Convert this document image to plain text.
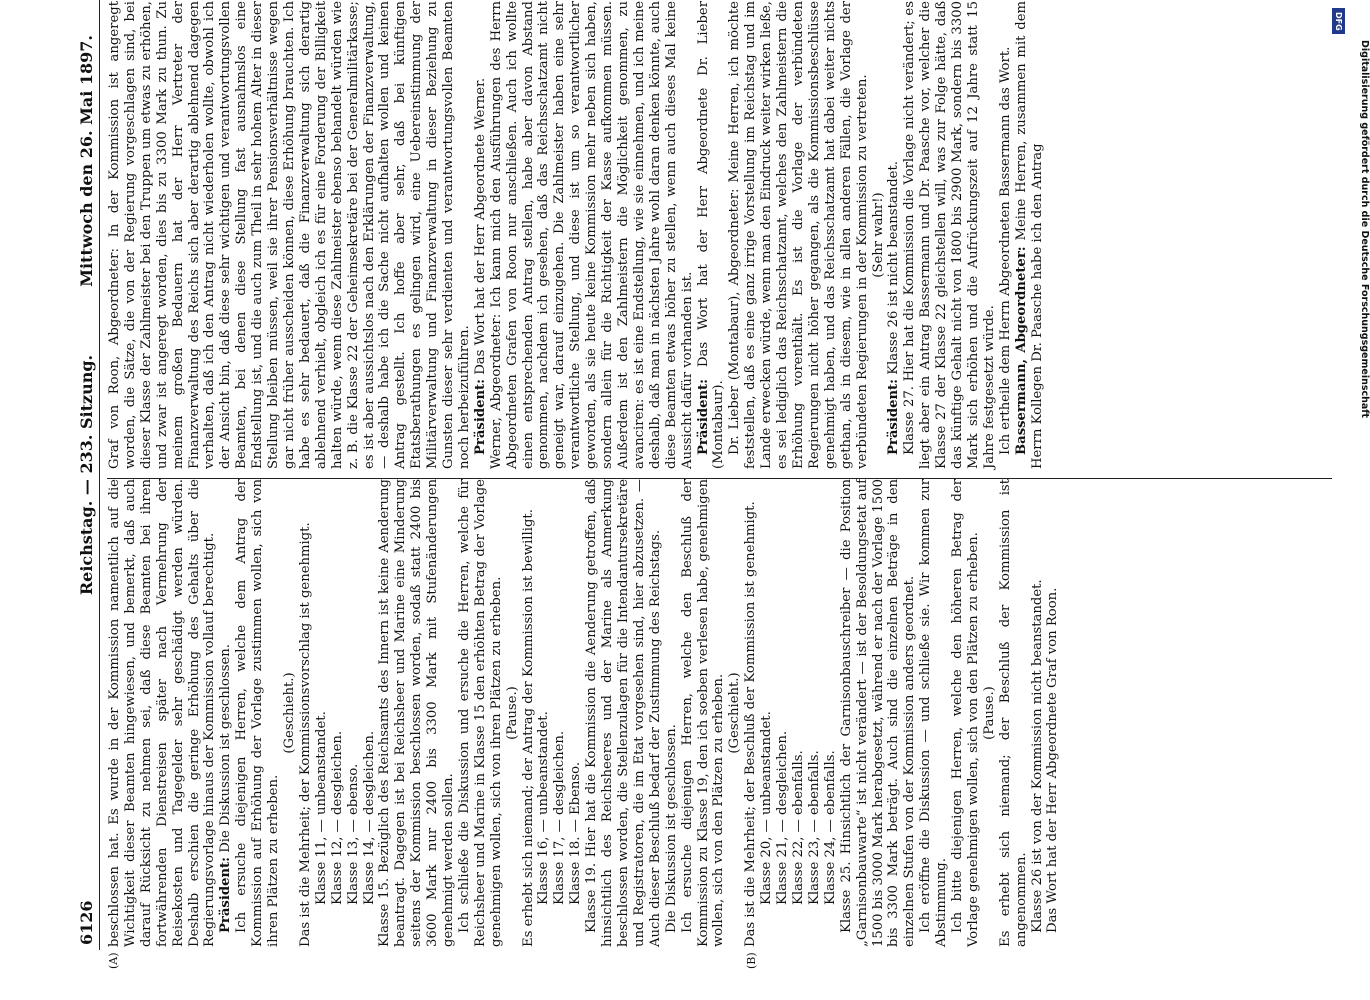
6126
Reichstag. — 233. Sitzung.
Mittwoch den 26. Mai 1897.
(A)	(B)

beschlossen hat. Es wurde in der Kommission namentlich auf die Wichtigkeit dieser Beamten hingewiesen, und bemerkt, daß auch darauf Rücksicht zu nehmen sei, daß diese Beamten bei ihren fortwährenden Dienstreisen später nach Vermehrung der Reisekosten und Tagegelder sehr geschädigt werden würden. Deshalb erschien die geringe Erhöhung des Gehalts über die Regierungsvorlage hinaus der Kommission vollauf berechtigt. Präsident: Die Diskussion ist geschlossen. Ich ersuche diejenigen Herren, welche dem Antrag der Kommission auf Erhöhung der Vorlage zustimmen wollen, sich von ihren Plätzen zu erheben.

(Geschieht.) Das ist die Mehrheit; der Kommissionsvorschlag ist genehmigt. Klasse 11, — unbeanstandet. Klasse 12, — desgleichen. Klasse 13, — ebenso. Klasse 14, — desgleichen. Klasse 15. Bezüglich des Reichsamts des Innern ist keine Aenderung beantragt. Dagegen ist bei Reichsheer und Marine eine Minderung seitens der Kommission beschlossen worden, sodaß statt 2400 bis 3600 Mark nur 2400 bis 3300 Mark mit Stufenänderungen genehmigt werden sollen. Ich schließe die Diskussion und ersuche die Herren, welche für Reichsheer und Marine in Klasse 15 den erhöhten Betrag der Vorlage genehmigen wollen, sich von ihren Plätzen zu erheben. (Pause.) Es erhebt sich niemand; der Antrag der Kommission ist bewilligt. Klasse 16, — unbeanstandet. Klasse 17, — desgleichen. Klasse 18. — Ebenso. Klasse 19. Hier hat die Kommission die Aenderung getroffen, daß hinsichtlich des Reichsheeres und der Marine als Anmerkung beschlossen worden, die Stellenzulagen für die Intendantursekretäre und Registratoren, die im Etat vorgesehen sind, hier abzusetzen. — Auch dieser Beschluß bedarf der Zustimmung des Reichstags. Die Diskussion ist geschlossen. Ich ersuche diejenigen Herren, welche den Beschluß der Kommission zu Klasse 19, den ich soeben verlesen habe, genehmigen wollen, sich von den Plätzen zu erheben. (Geschieht.) Das ist die Mehrheit; der Beschluß der Kommission ist genehmigt. Klasse 20, — unbeanstandet. Klasse 21, — desgleichen. Klasse 22, — ebenfalls. Klasse 23, — ebenfalls. Klasse 24, — ebenfalls. Klasse 25. Hinsichtlich der Garnisonbauschreiber — die Position „Garnisonbauwarte“ ist nicht verändert — ist der Besoldungsetat auf 1500 bis 3000 Mark herabgesetzt, während er nach der Vorlage 1500 bis 3300 Mark beträgt. Auch sind die einzelnen Beträge in den einzelnen Stufen von der Kommission anders geordnet. Ich eröffne die Diskussion — und schließe sie. Wir kommen zur Abstimmung. Ich bitte diejenigen Herren, welche den höheren Betrag der Vorlage genehmigen wollen, sich von den Plätzen zu erheben. (Pause.) Es erhebt sich niemand; der Beschluß der Kommission ist angenommen. Klasse 26 ist von der Kommission nicht beanstandet. Das Wort hat der Herr Abgeordnete Graf von Roon.

Graf von Roon, Abgeordneter: In der Kommission ist angeregt worden, die Sätze, die von der Regierung vorgeschlagen sind, bei dieser Klasse der Zahlmeister bei den Truppen um etwas zu erhöhen, und zwar ist angeregt worden, dies bis zu 3300 Mark zu thun. Zu meinem großen Bedauern hat der Herr Vertreter der Finanzverwaltung des Reichs sich aber derartig ablehnend dagegen verhalten, daß ich den Antrag nicht wiederholen wollte, obwohl ich der Ansicht bin, daß diese sehr wichtigen und verantwortungsvollen Beamten, bei denen diese Stellung fast ausnahmslos eine Endstellung ist, und die auch zum Theil in sehr hohem Alter in dieser Stellung bleiben müssen, weil sie ihrer Pensionsverhältnisse wegen gar nicht früher ausscheiden können, diese Erhöhung brauchten. Ich habe es sehr bedauert, daß die Finanzverwaltung sich derartig ablehnend verhielt, obgleich ich es für eine Forderung der Billigkeit halten würde, wenn diese Zahlmeister ebenso behandelt würden wie z. B. die Klasse 22 der Geheimsekretäre bei der Generalmilitärkasse; es ist aber aussichtslos nach den Erklärungen der Finanzverwaltung, — deshalb habe ich die Sache nicht aufhalten wollen und keinen Antrag gestellt. Ich hoffe aber sehr, daß bei künftigen Etatsberathungen es gelingen wird, eine Uebereinstimmung der Militärverwaltung und Finanzverwaltung in dieser Beziehung zu Gunsten dieser sehr verdienten und verantwortungsvollen Beamten noch herbeizuführen. Präsident: Das Wort hat der Herr Abgeordnete Werner. Werner, Abgeordneter: Ich kann mich den Ausführungen des Herrn Abgeordneten Grafen von Roon nur anschließen. Auch ich wollte einen entsprechenden Antrag stellen, habe aber davon Abstand genommen, nachdem ich gesehen, daß das Reichsschatzamt nicht geneigt war, darauf einzugehen. Die Zahlmeister haben eine sehr verantwortliche Stellung, und diese ist um so verantwortlicher geworden, als sie heute keine Kommission mehr neben sich haben, sondern allein für die Richtigkeit der Kasse aufkommen müssen. Außerdem ist den Zahlmeistern die Möglichkeit genommen, zu avanciren: es ist eine Endstellung, wie sie einnehmen, und ich meine deshalb, daß man in nächsten Jahre wohl daran denken könnte, auch diese Beamten etwas höher zu stellen, wenn auch dieses Mal keine Aussicht dafür vorhanden ist. Präsident: Das Wort hat der Herr Abgeordnete Dr. Lieber (Montabaur). Dr. Lieber (Montabaur), Abgeordneter: Meine Herren, ich möchte feststellen, daß es eine ganz irrige Vorstellung im Reichstag und im Lande erwecken würde, wenn man den Eindruck weiter wirken ließe, es sei lediglich das Reichsschatzamt, welches den Zahlmeistern die Erhöhung vorenthält. Es ist die Vorlage der verbündeten Regierungen nicht höher gegangen, als die Kommissionsbeschlüsse genehmigt haben, und das Reichsschatzamt hat dabei weiter nichts gethan, als in diesem, wie in allen anderen Fällen, die Vorlage der verbündeten Regierungen in der Kommission zu vertreten. (Sehr wahr!)

Präsident: Klasse 26 ist nicht beanstandet. Klasse 27. Hier hat die Kommission die Vorlage nicht verändert; es liegt aber ein Antrag Bassermann und Dr. Paasche vor, welcher die Klasse 27 der Klasse 22 gleichstellen will, was zur Folge hätte, daß das künftige Gehalt nicht von 1800 bis 2900 Mark, sondern bis 3300 Mark sich erhöhen und die Aufrückungszeit auf 12 Jahre statt 15 Jahre festgesetzt würde. Ich ertheile dem Herrn Abgeordneten Bassermann das Wort. Bassermann, Abgeordneter: Meine Herren, zusammen mit dem Herrn Kollegen Dr. Paasche habe ich den Antrag

DFG
Digitalisierung gefördert durch die Deutsche Forschungsgemeinschaft
